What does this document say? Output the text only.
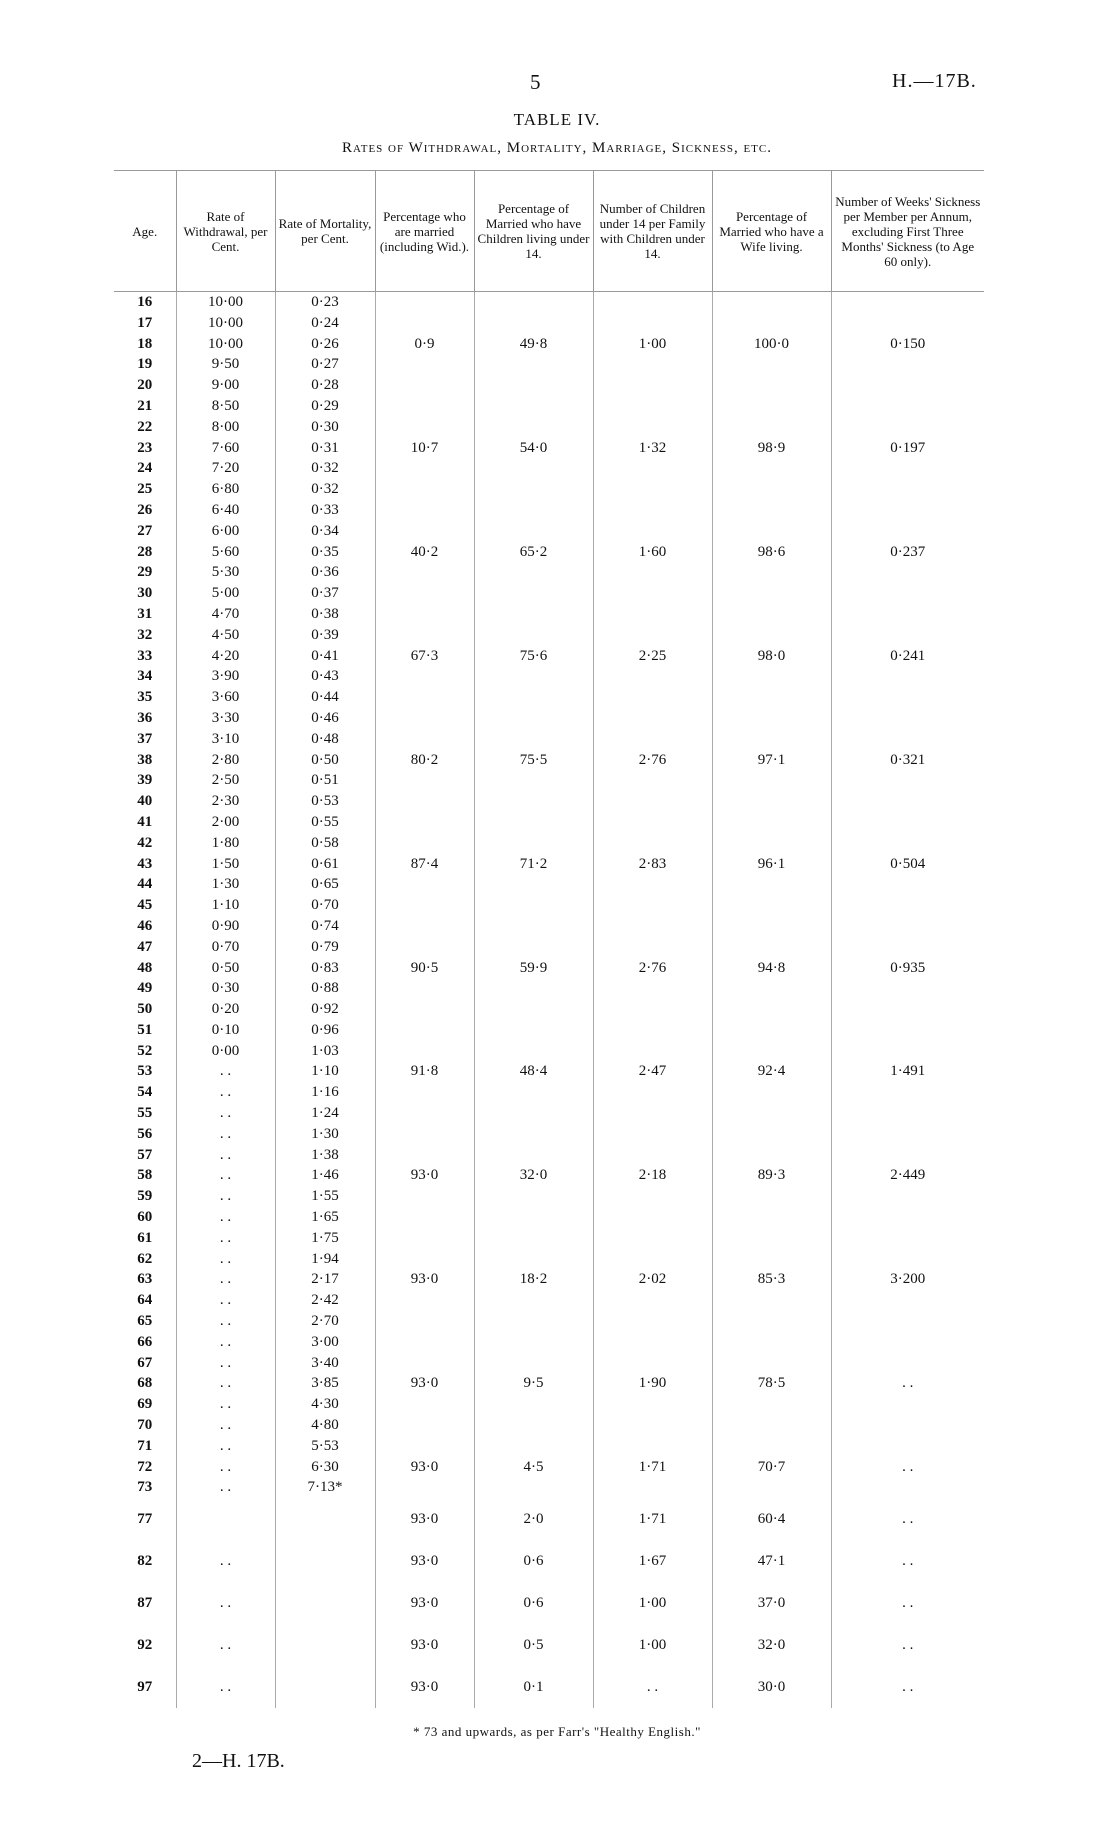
5	H.—17B.
TABLE IV.
Rates of Withdrawal, Mortality, Marriage, Sickness, etc.
Age.	Rate of Withdrawal, per Cent.	Rate of Mortality, per Cent.	Percentage who are married (including Wid.).	Percentage of Married who have Children living under 14.	Number of Children under 14 per Family with Children under 14.	Percentage of Married who have a Wife living.	Number of Weeks' Sickness per Member per Annum, excluding First Three Months' Sickness (to Age 60 only).
16	10·00	0·23	0·9	49·8	1·00	100·0	0·150
17	10·00	0·24					
18	10·00	0·26					
19	9·50	0·27					
20	9·00	0·28					
21	8·50	0·29	10·7	54·0	1·32	98·9	0·197
22	8·00	0·30					
23	7·60	0·31					
24	7·20	0·32					
25	6·80	0·32					
26	6·40	0·33	40·2	65·2	1·60	98·6	0·237
27	6·00	0·34					
28	5·60	0·35					
29	5·30	0·36					
30	5·00	0·37					
31	4·70	0·38	67·3	75·6	2·25	98·0	0·241
32	4·50	0·39					
33	4·20	0·41					
34	3·90	0·43					
35	3·60	0·44					
36	3·30	0·46	80·2	75·5	2·76	97·1	0·321
37	3·10	0·48					
38	2·80	0·50					
39	2·50	0·51					
40	2·30	0·53					
41	2·00	0·55	87·4	71·2	2·83	96·1	0·504
42	1·80	0·58					
43	1·50	0·61					
44	1·30	0·65					
45	1·10	0·70					
46	0·90	0·74	90·5	59·9	2·76	94·8	0·935
47	0·70	0·79					
48	0·50	0·83					
49	0·30	0·88					
50	0·20	0·92					
51	0·10	0·96	91·8	48·4	2·47	92·4	1·491
52	0·00	1·03					
53	. .	1·10					
54	. .	1·16					
55	. .	1·24					
56	. .	1·30	93·0	32·0	2·18	89·3	2·449
57	. .	1·38					
58	. .	1·46					
59	. .	1·55					
60	. .	1·65					
61	. .	1·75	93·0	18·2	2·02	85·3	3·200
62	. .	1·94					
63	. .	2·17					
64	. .	2·42					
65	. .	2·70					
66	. .	3·00	93·0	9·5	1·90	78·5	. .
67	. .	3·40					
68	. .	3·85					
69	. .	4·30					
70	. .	4·80					
71	. .	5·53	93·0	4·5	1·71	70·7	. .
72	. .	6·30					
73	. .	7·13*					
77			93·0	2·0	1·71	60·4	. .
82	. .		93·0	0·6	1·67	47·1	. .
87	. .		93·0	0·6	1·00	37·0	. .
92	. .		93·0	0·5	1·00	32·0	. .
97	. .		93·0	0·1	. .	30·0	. .
* 73 and upwards, as per Farr's "Healthy English."
2—H. 17B.
